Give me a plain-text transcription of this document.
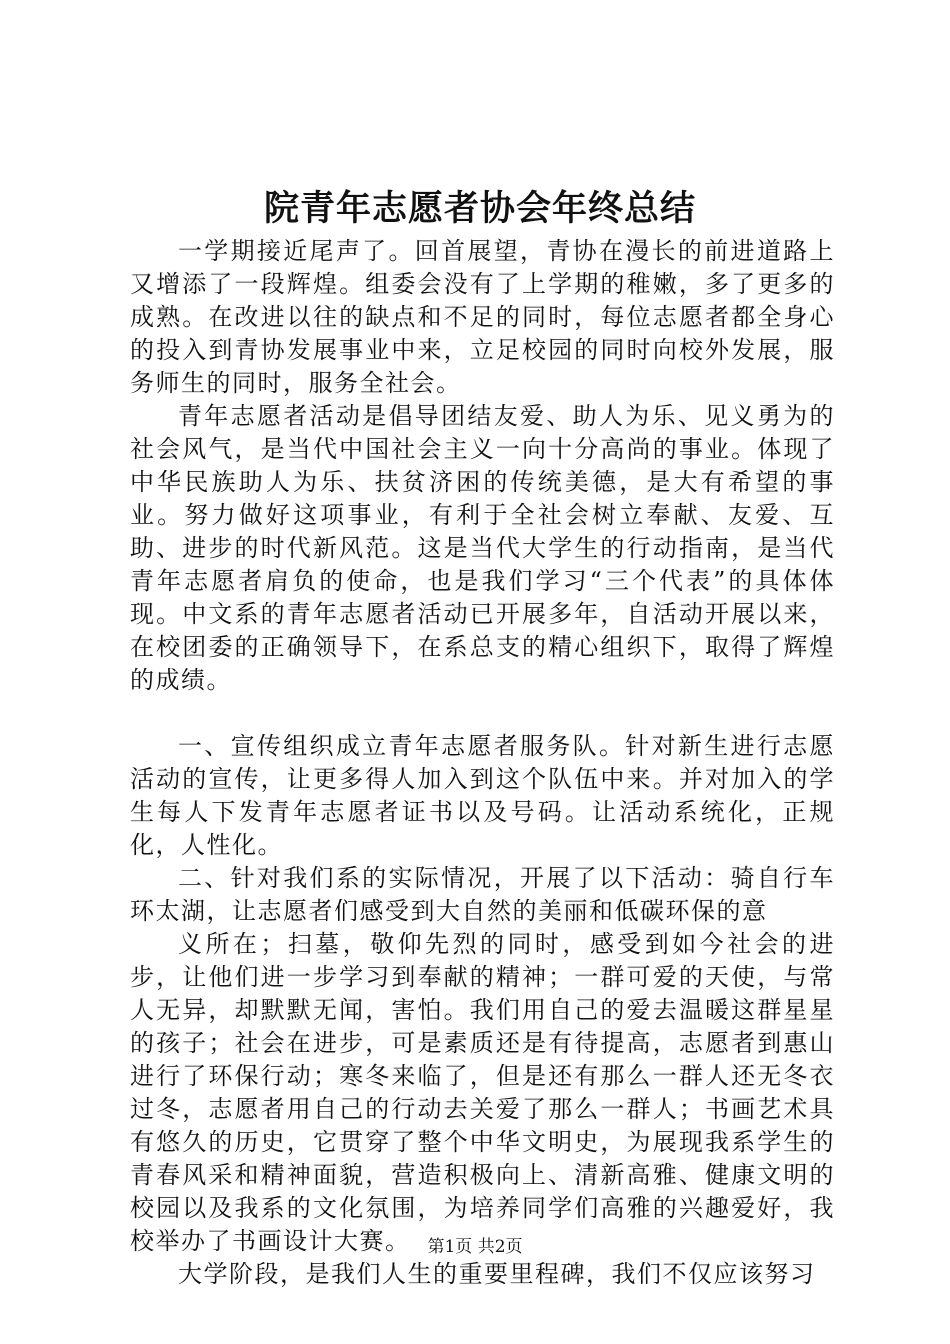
院青年志愿者协会年终总结

一学期接近尾声了。回首展望，青协在漫长的前进道路上又增添了一段辉煌。组委会没有了上学期的稚嫩，多了更多的成熟。在改进以往的缺点和不足的同时，每位志愿者都全身心的投入到青协发展事业中来，立足校园的同时向校外发展，服务师生的同时，服务全社会。

青年志愿者活动是倡导团结友爱、助人为乐、见义勇为的社会风气，是当代中国社会主义一向十分高尚的事业。体现了中华民族助人为乐、扶贫济困的传统美德，是大有希望的事业。努力做好这项事业，有利于全社会树立奉献、友爱、互助、进步的时代新风范。这是当代大学生的行动指南，是当代青年志愿者肩负的使命，也是我们学习“三个代表”的具体体现。中文系的青年志愿者活动已开展多年，自活动开展以来，在校团委的正确领导下，在系总支的精心组织下，取得了辉煌的成绩。

一、宣传组织成立青年志愿者服务队。针对新生进行志愿活动的宣传，让更多得人加入到这个队伍中来。并对加入的学生每人下发青年志愿者证书以及号码。让活动系统化，正规化，人性化。

二、针对我们系的实际情况，开展了以下活动：骑自行车环太湖，让志愿者们感受到大自然的美丽和低碳环保的意

义所在；扫墓，敬仰先烈的同时，感受到如今社会的进步，让他们进一步学习到奉献的精神；一群可爱的天使，与常人无异，却默默无闻，害怕。我们用自己的爱去温暖这群星星的孩子；社会在进步，可是素质还是有待提高，志愿者到惠山进行了环保行动；寒冬来临了，但是还有那么一群人还无冬衣过冬，志愿者用自己的行动去关爱了那么一群人；书画艺术具有悠久的历史，它贯穿了整个中华文明史，为展现我系学生的青春风采和精神面貌，营造积极向上、清新高雅、健康文明的校园以及我系的文化氛围，为培养同学们高雅的兴趣爱好，我校举办了书画设计大赛。

大学阶段，是我们人生的重要里程碑，我们不仅应该努习

第1页 共2页
